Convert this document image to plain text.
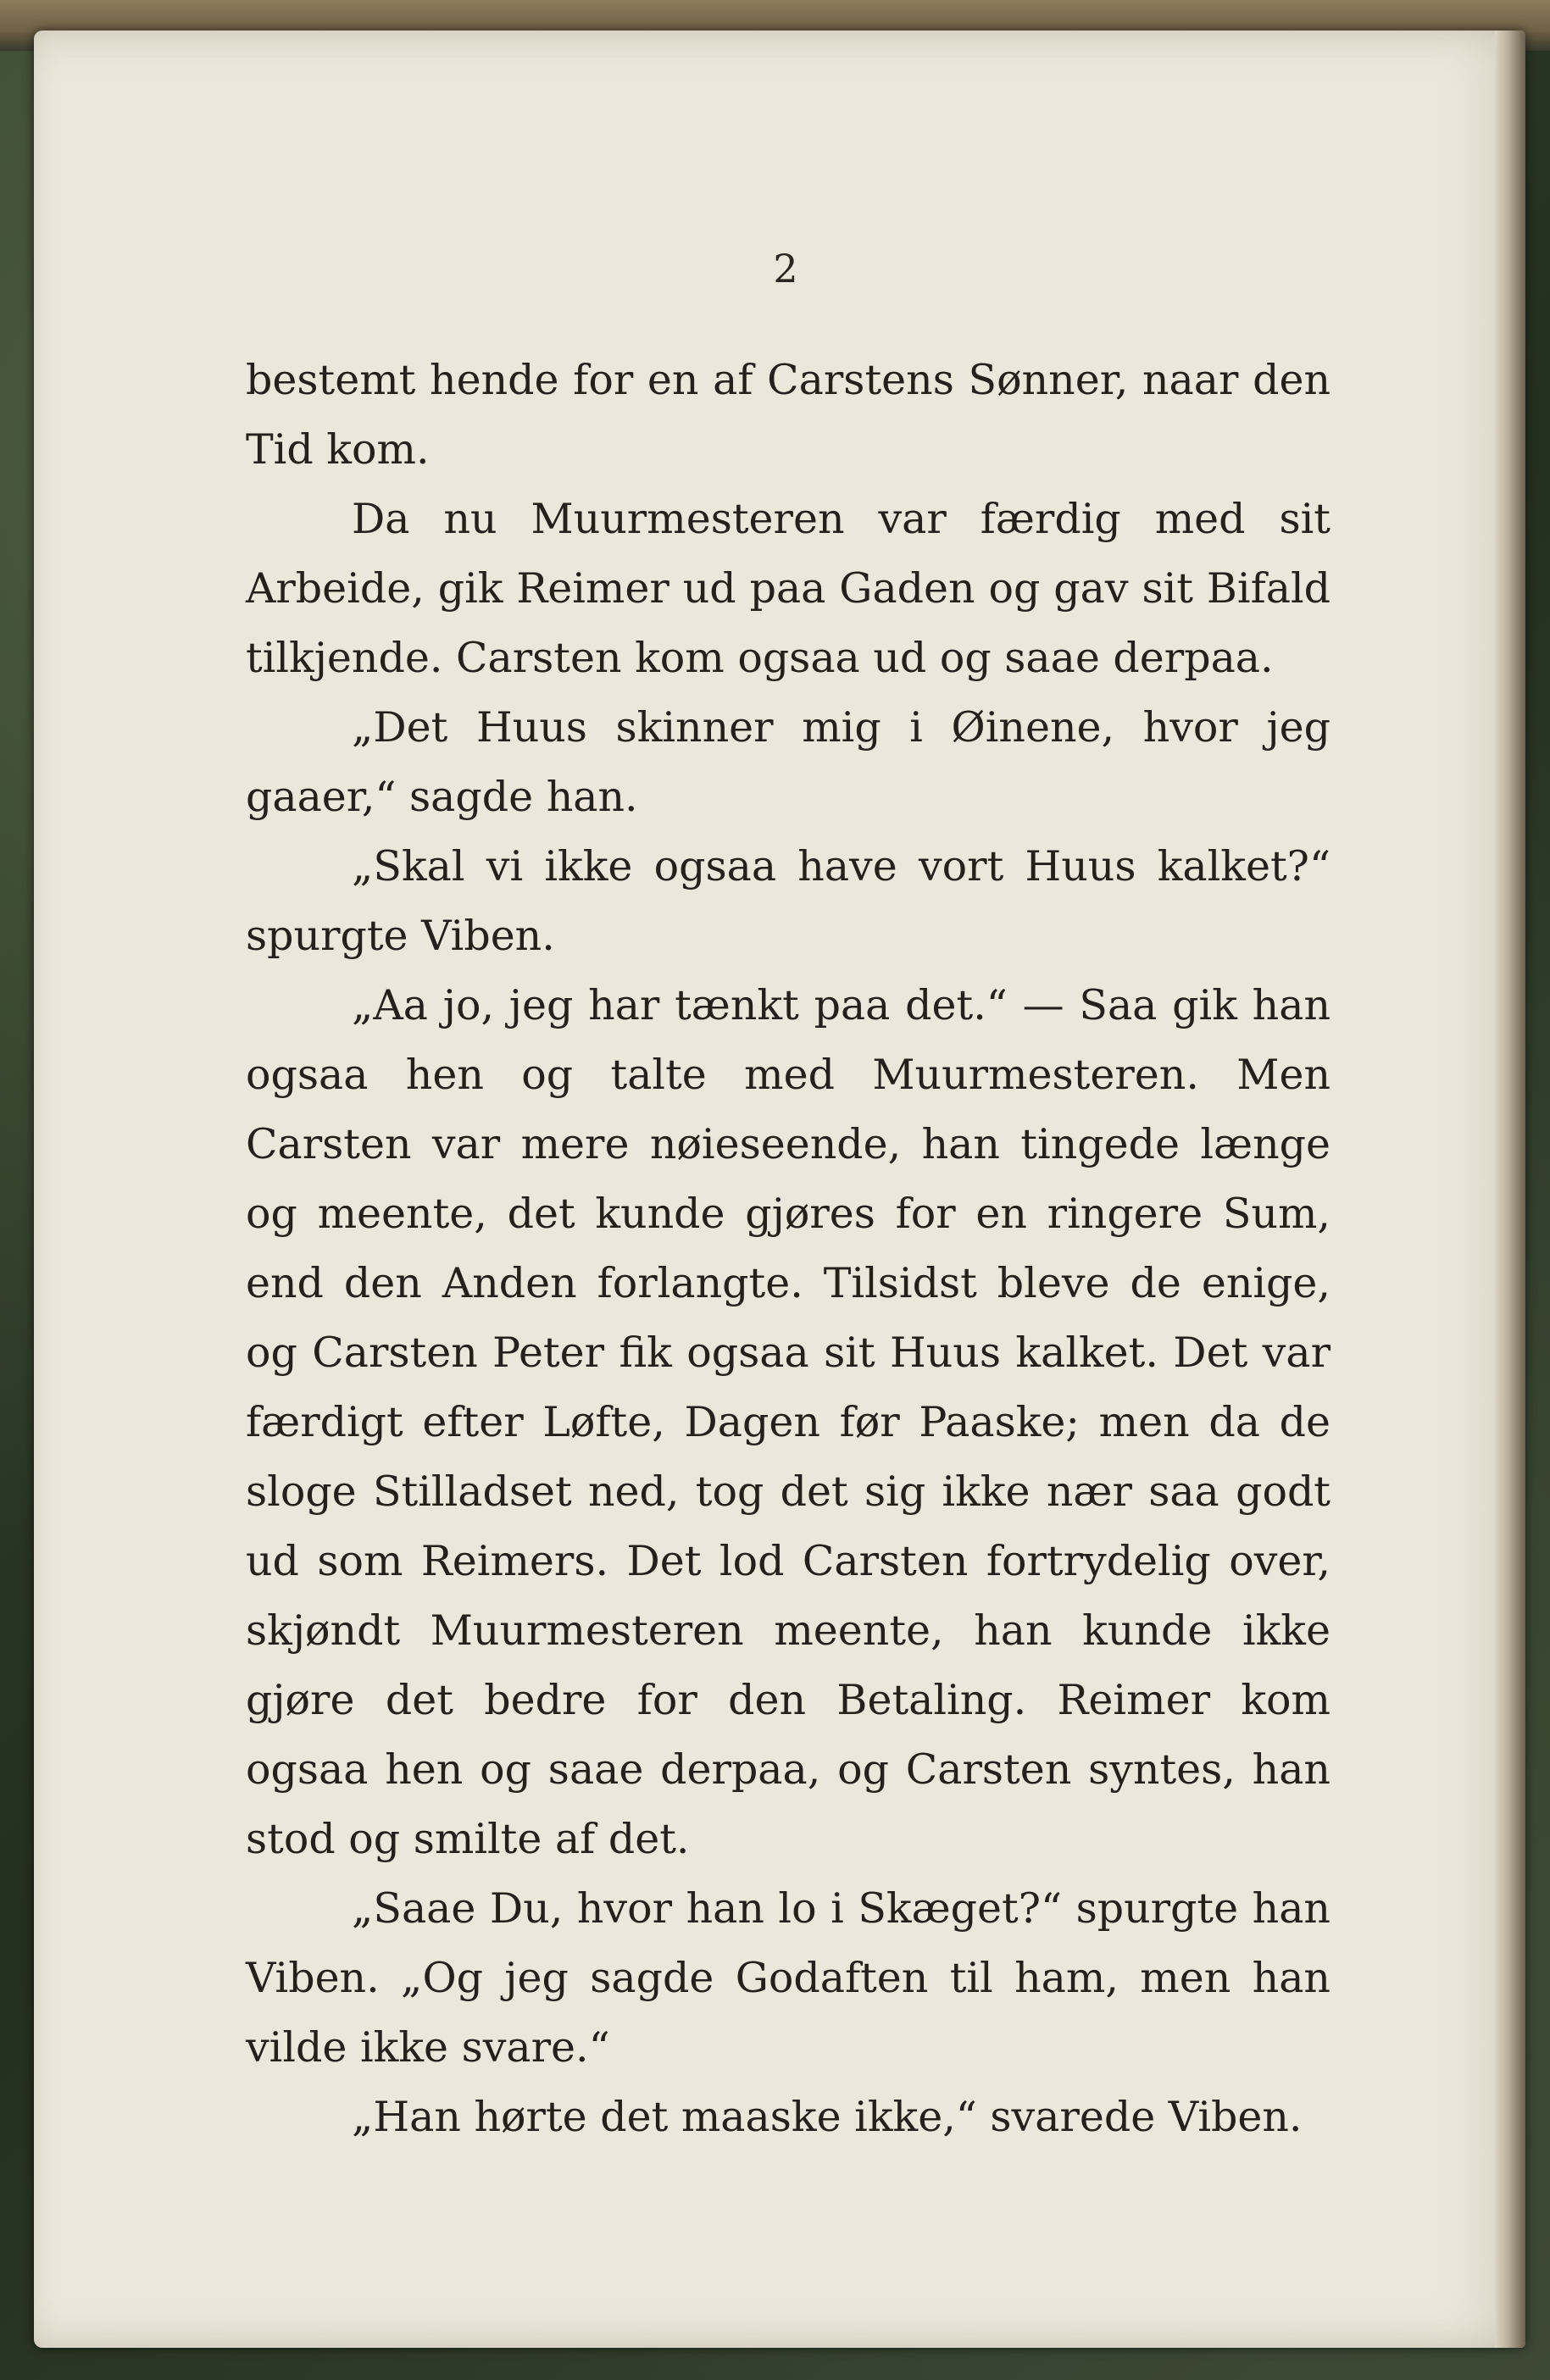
2

bestemt hende for en af Carstens Sønner, naar den Tid kom.

Da nu Muurmesteren var færdig med sit Arbeide, gik Reimer ud paa Gaden og gav sit Bifald tilkjende. Carsten kom ogsaa ud og saae derpaa.

„Det Huus skinner mig i Øinene, hvor jeg gaaer,“ sagde han.

„Skal vi ikke ogsaa have vort Huus kalket?“ spurgte Viben.

„Aa jo, jeg har tænkt paa det.“ — Saa gik han ogsaa hen og talte med Muurmesteren. Men Carsten var mere nøieseende, han tingede længe og meente, det kunde gjøres for en ringere Sum, end den Anden forlangte. Tilsidst bleve de enige, og Carsten Peter fik ogsaa sit Huus kalket. Det var færdigt efter Løfte, Dagen før Paaske; men da de sloge Stilladset ned, tog det sig ikke nær saa godt ud som Reimers. Det lod Carsten fortrydelig over, skjøndt Muurmesteren meente, han kunde ikke gjøre det bedre for den Betaling. Reimer kom ogsaa hen og saae derpaa, og Carsten syntes, han stod og smilte af det.

„Saae Du, hvor han lo i Skæget?“ spurgte han Viben. „Og jeg sagde Godaften til ham, men han vilde ikke svare.“

„Han hørte det maaske ikke,“ svarede Viben.
